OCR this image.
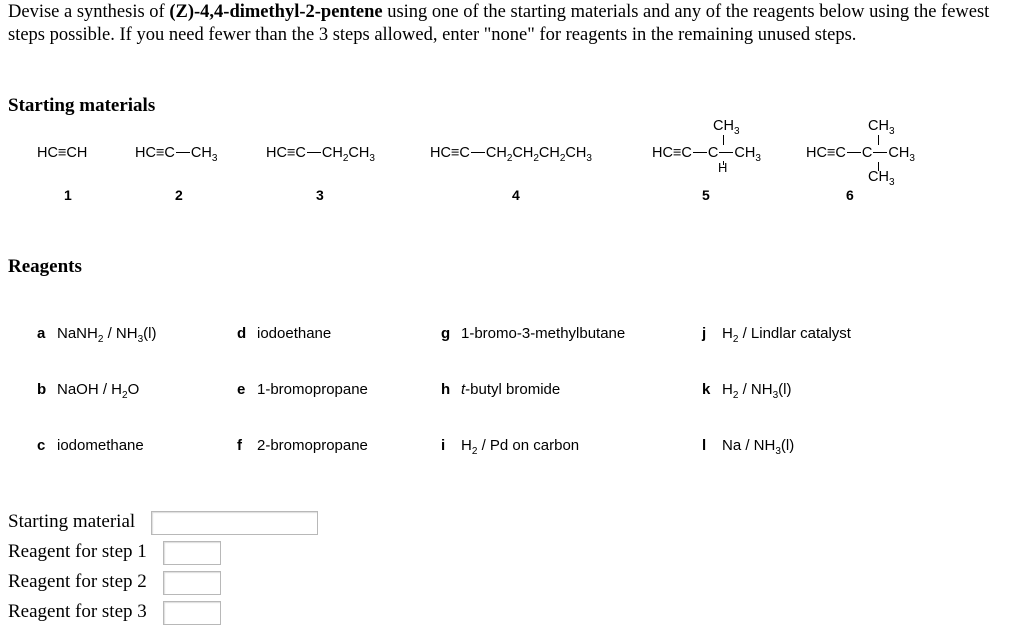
Devise a synthesis of (Z)-4,4-dimethyl-2-pentene using one of the starting materials and any of the reagents below using the fewest steps possible. If you need fewer than the 3 steps allowed, enter "none" for reagents in the remaining unused steps.
Starting materials
HC≡CH
1
HC≡C $CH_3$
2
HC≡C $CH_2CH_3$
3
HC≡C $CH_2CH_2CH_2CH_3$
4
$CH_3$
HC≡C C $CH_3$
H
5
$CH_3$
HC≡C C $CH_3$
$CH_3$
6
Reagents
a NaNH$_2$ / $NH_3(l)$
b NaOH / $H_2O$
c iodomethane
d iodoethane
e 1-bromopropane
f 2-bromopropane
g 1-bromo-3-methylbutane
h t-butyl bromide
i $H_2$ / Pd on carbon
j $H_2$ / Lindlar catalyst
k $H_2 / NH_3(l)$
l Na / $NH_3(l)$
Starting material
Reagent for step 1
Reagent for step 2
Reagent for step 3
